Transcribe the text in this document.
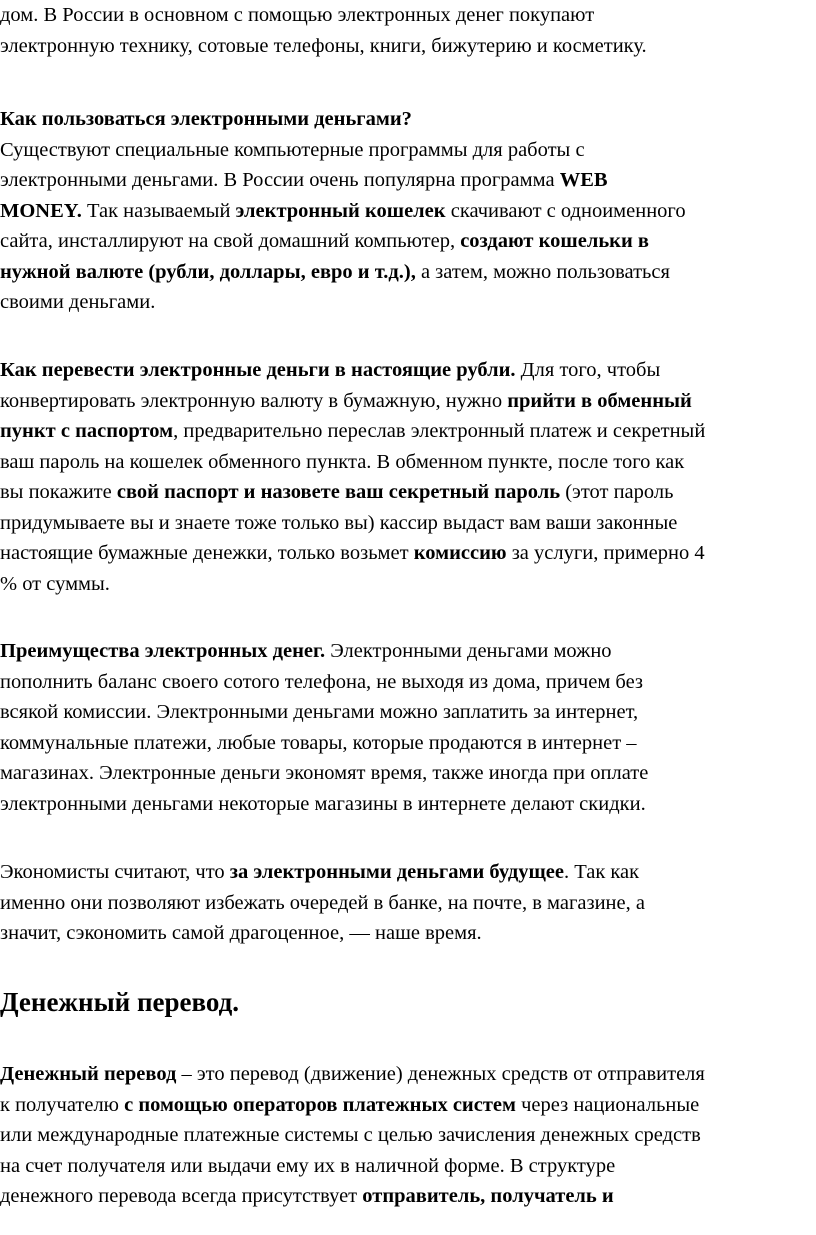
дом. В России в основном с помощью электронных денег покупают
электронную технику, сотовые телефоны, книги, бижутерию и косметику.
Как пользоваться электронными деньгами?
Существуют специальные компьютерные программы для работы с
электронными деньгами. В России очень популярна программа WEB
MONEY. Так называемый электронный кошелек скачивают с одноименного
сайта, инсталлируют на свой домашний компьютер, создают кошельки в
нужной валюте (рубли, доллары, евро и т.д.), а затем, можно пользоваться
своими деньгами.
Как перевести электронные деньги в настоящие рубли. Для того, чтобы
конвертировать электронную валюту в бумажную, нужно прийти в обменный
пункт с паспортом, предварительно переслав электронный платеж и секретный
ваш пароль на кошелек обменного пункта. В обменном пункте, после того как
вы покажите свой паспорт и назовете ваш секретный пароль (этот пароль
придумываете вы и знаете тоже только вы) кассир выдаст вам ваши законные
настоящие бумажные денежки, только возьмет комиссию за услуги, примерно 4
% от суммы.
Преимущества электронных денег. Электронными деньгами можно
пополнить баланс своего сотого телефона, не выходя из дома, причем без
всякой комиссии. Электронными деньгами можно заплатить за интернет,
коммунальные платежи, любые товары, которые продаются в интернет –
магазинах. Электронные деньги экономят время, также иногда при оплате
электронными деньгами некоторые магазины в интернете делают скидки.
Экономисты считают, что за электронными деньгами будущее. Так как
именно они позволяют избежать очередей в банке, на почте, в магазине, а
значит, сэкономить самой драгоценное, — наше время.
Денежный перевод.
Денежный перевод – это перевод (движение) денежных средств от отправителя
к получателю с помощью операторов платежных систем через национальные
или международные платежные системы с целью зачисления денежных средств
на счет получателя или выдачи ему их в наличной форме. В структуре
денежного перевода всегда присутствует отправитель, получатель и
